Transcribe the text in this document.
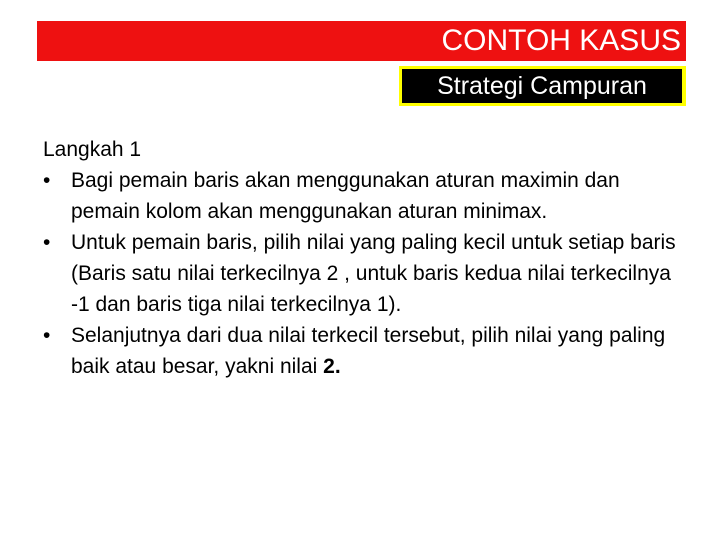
CONTOH KASUS
Strategi Campuran

Langkah 1

• Bagi pemain baris akan menggunakan aturan maximin dan pemain kolom akan menggunakan aturan minimax.
• Untuk pemain baris, pilih nilai yang paling kecil untuk setiap baris (Baris satu nilai terkecilnya 2 , untuk baris kedua nilai terkecilnya -1 dan baris tiga nilai terkecilnya 1).
• Selanjutnya dari dua nilai terkecil tersebut, pilih nilai yang paling baik atau besar, yakni nilai 2.
